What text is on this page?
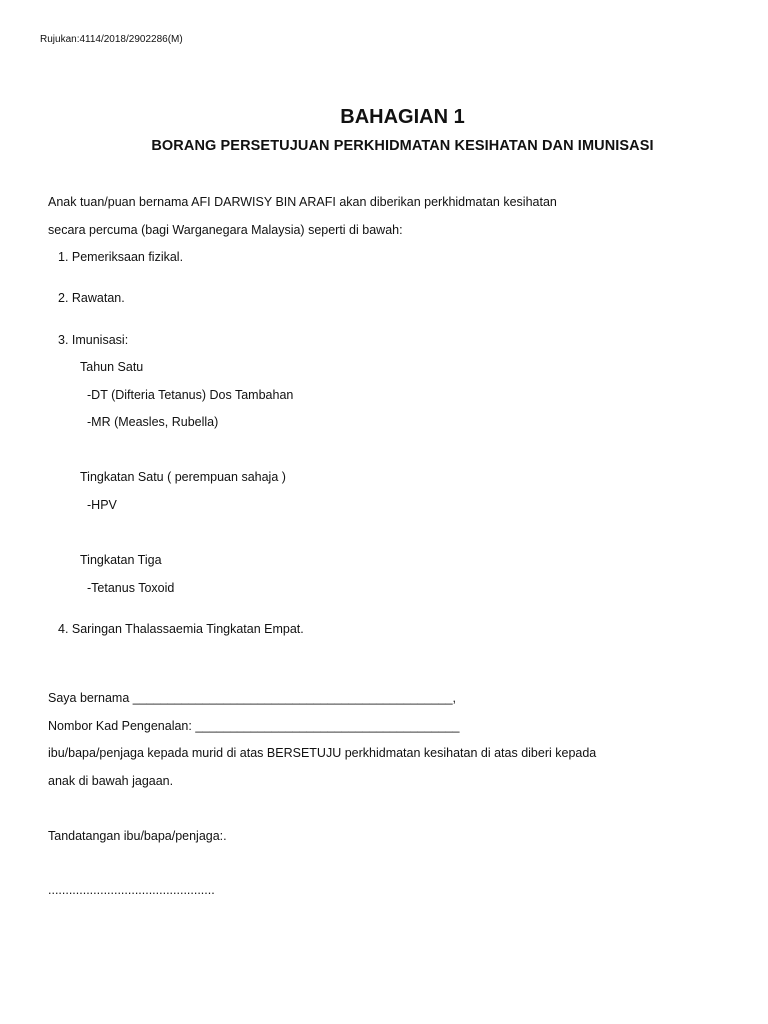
Rujukan:4114/2018/2902286(M)
BAHAGIAN 1
BORANG PERSETUJUAN PERKHIDMATAN KESIHATAN DAN IMUNISASI
Anak tuan/puan bernama AFI DARWISY BIN ARAFI akan diberikan perkhidmatan kesihatan
secara percuma (bagi Warganegara Malaysia) seperti di bawah:
1. Pemeriksaan fizikal.
2. Rawatan.
3. Imunisasi:
Tahun Satu
-DT (Difteria Tetanus) Dos Tambahan
-MR (Measles, Rubella)
Tingkatan Satu ( perempuan sahaja )
-HPV
Tingkatan Tiga
-Tetanus Toxoid
4. Saringan Thalassaemia Tingkatan Empat.
Saya bernama ______________________________________________,
Nombor Kad Pengenalan: ______________________________________
ibu/bapa/penjaga kepada murid di atas BERSETUJU perkhidmatan kesihatan di atas diberi kepada
anak di bawah jagaan.
Tandatangan ibu/bapa/penjaga:.
................................................
